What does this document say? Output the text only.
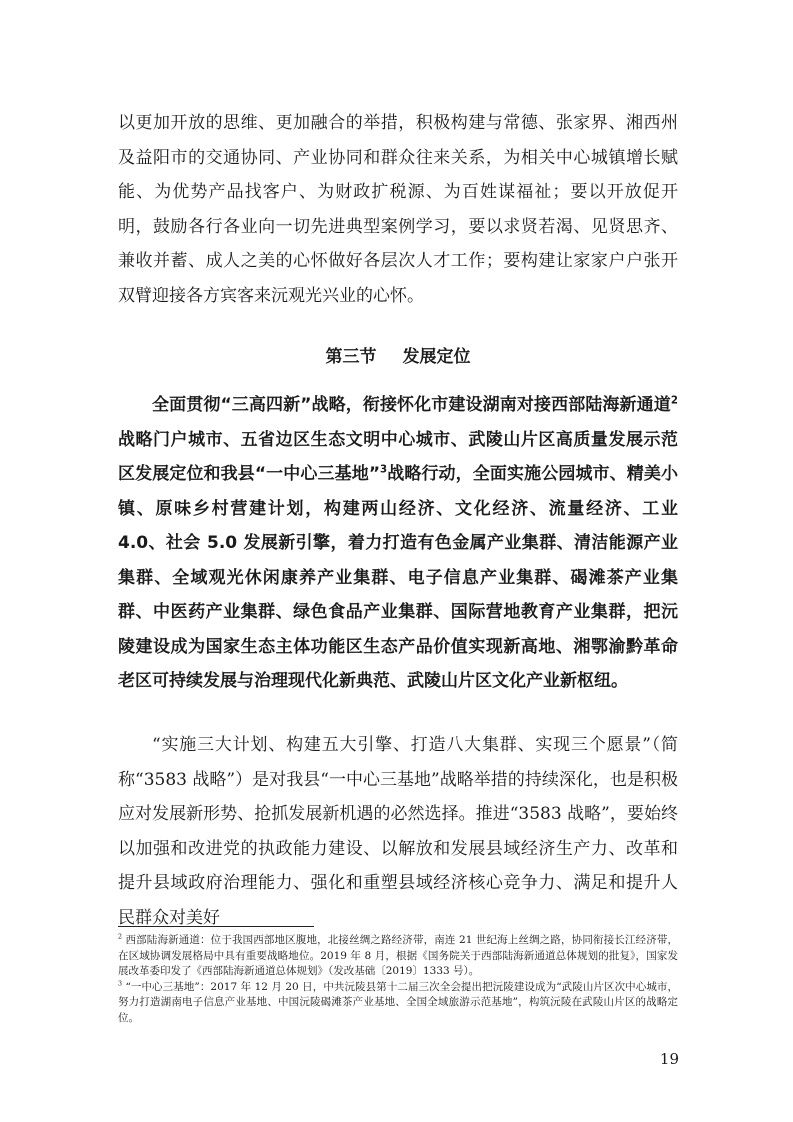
以更加开放的思维、更加融合的举措，积极构建与常德、张家界、湘西州及益阳市的交通协同、产业协同和群众往来关系，为相关中心城镇增长赋能、为优势产品找客户、为财政扩税源、为百姓谋福祉；要以开放促开明，鼓励各行各业向一切先进典型案例学习，要以求贤若渴、见贤思齐、兼收并蓄、成人之美的心怀做好各层次人才工作；要构建让家家户户张开双臂迎接各方宾客来沅观光兴业的心怀。

第三节 发展定位

全面贯彻“三高四新”战略，衔接怀化市建设湖南对接西部陆海新通道$^2$战略门户城市、五省边区生态文明中心城市、武陵山片区高质量发展示范区发展定位和我县“一中心三基地”$^3$战略行动，全面实施公园城市、精美小镇、原味乡村营建计划，构建两山经济、文化经济、流量经济、工业 4.0、社会 5.0 发展新引擎，着力打造有色金属产业集群、清洁能源产业集群、全域观光休闲康养产业集群、电子信息产业集群、碣滩茶产业集群、中医药产业集群、绿色食品产业集群、国际营地教育产业集群，把沅陵建设成为国家生态主体功能区生态产品价值实现新高地、湘鄂渝黔革命老区可持续发展与治理现代化新典范、武陵山片区文化产业新枢纽。

“实施三大计划、构建五大引擎、打造八大集群、实现三个愿景”（简称“3583 战略”）是对我县“一中心三基地”战略举措的持续深化，也是积极应对发展新形势、抢抓发展新机遇的必然选择。推进“3583 战略”，要始终以加强和改进党的执政能力建设、以解放和发展县域经济生产力、改革和提升县域政府治理能力、强化和重塑县域经济核心竞争力、满足和提升人民群众对美好

$^2$ 西部陆海新通道：位于我国西部地区腹地，北接丝绸之路经济带，南连 21 世纪海上丝绸之路，协同衔接长江经济带，在区域协调发展格局中具有重要战略地位。2019 年 8 月，根据《国务院关于西部陆海新通道总体规划的批复》，国家发展改革委印发了《西部陆海新通道总体规划》（发改基础〔2019〕1333 号）。

$^3$ “一中心三基地”：2017 年 12 月 20 日，中共沅陵县第十二届三次全会提出把沅陵建设成为“武陵山片区次中心城市，努力打造湖南电子信息产业基地、中国沅陵碣滩茶产业基地、全国全域旅游示范基地”，构筑沅陵在武陵山片区的战略定位。

19
